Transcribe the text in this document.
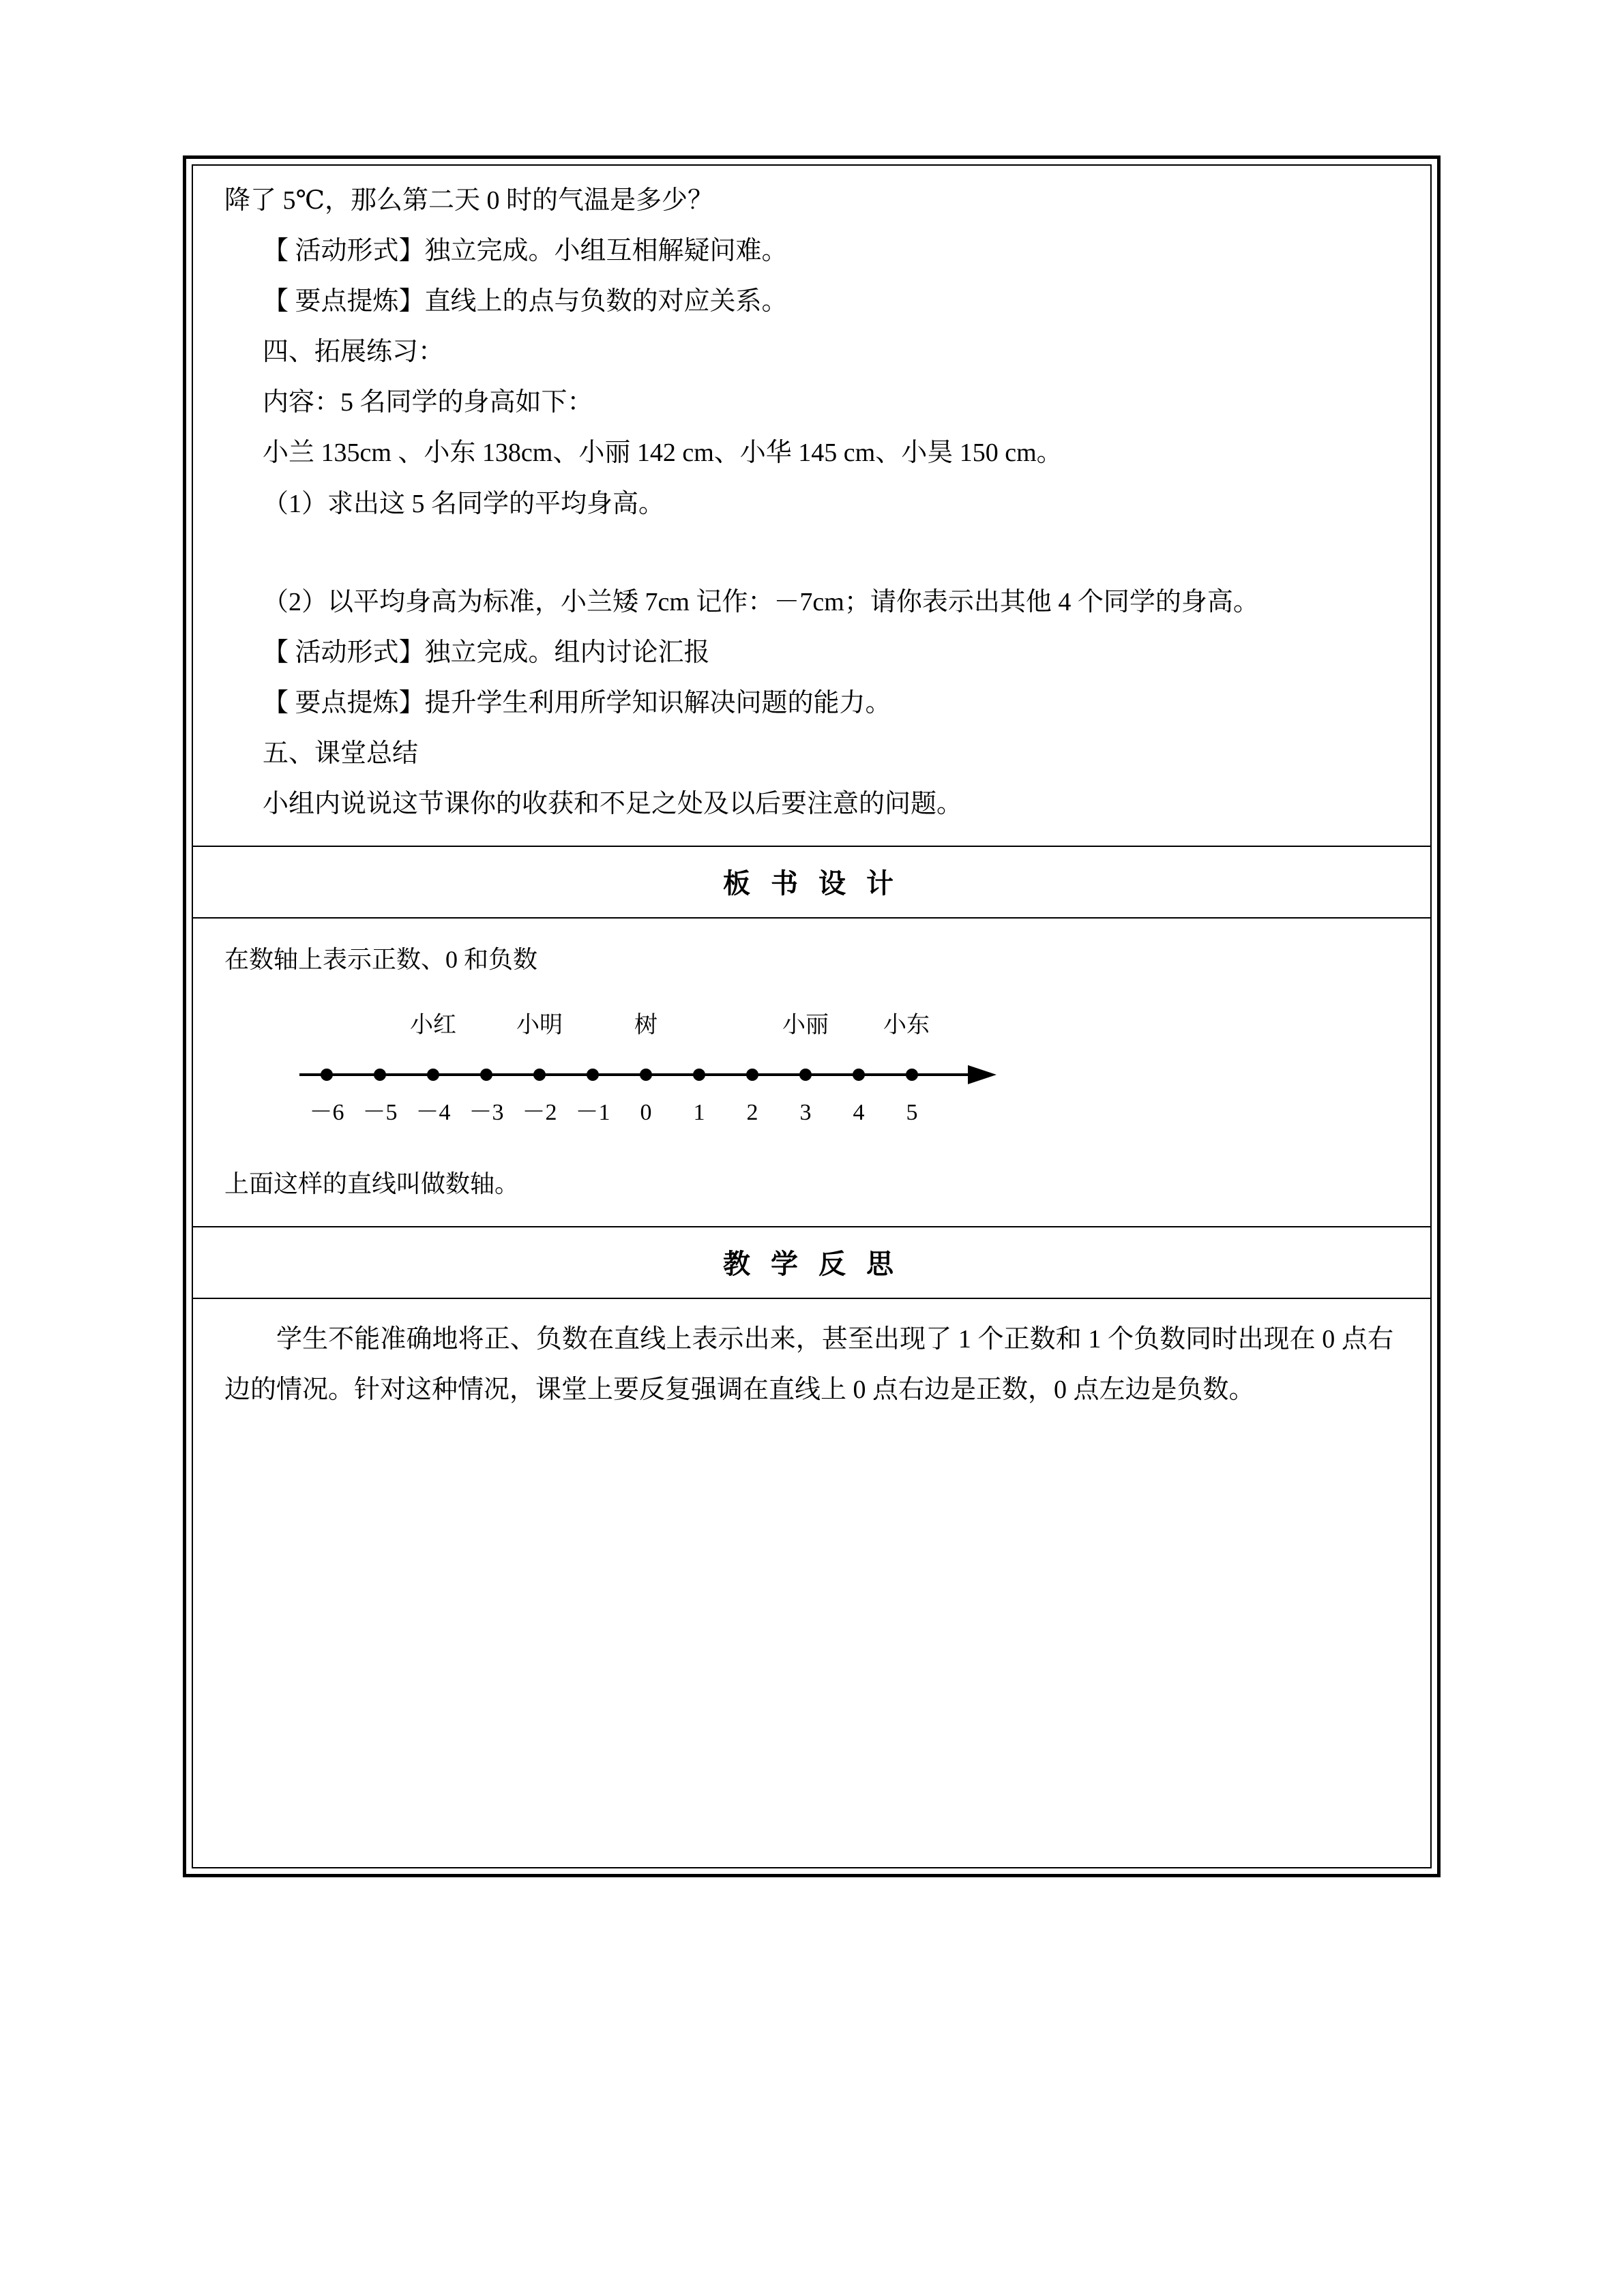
降了 5℃，那么第二天 0 时的气温是多少？

【 活动形式】独立完成。小组互相解疑问难。

【 要点提炼】直线上的点与负数的对应关系。

四、拓展练习：

内容：5 名同学的身高如下：

小兰 135cm 、小东 138cm、小丽 142 cm、小华 145 cm、小昊 150 cm。

（1）求出这 5 名同学的平均身高。

（2）以平均身高为标准，小兰矮 7cm 记作：－7cm；请你表示出其他 4 个同学的身高。

【 活动形式】独立完成。组内讨论汇报

【 要点提炼】提升学生利用所学知识解决问题的能力。

五、课堂总结

小组内说说这节课你的收获和不足之处及以后要注意的问题。

板 书 设 计

在数轴上表示正数、0 和负数

小红	小明	树	小丽 小东
－6 －5 －4 －3 －2 －1 0 1 2 3 4 5

上面这样的直线叫做数轴。

教 学 反 思

学生不能准确地将正、负数在直线上表示出来，甚至出现了 1 个正数和 1 个负数同时出现在 0 点右边的情况。针对这种情况，课堂上要反复强调在直线上 0 点右边是正数，0 点左边是负数。
